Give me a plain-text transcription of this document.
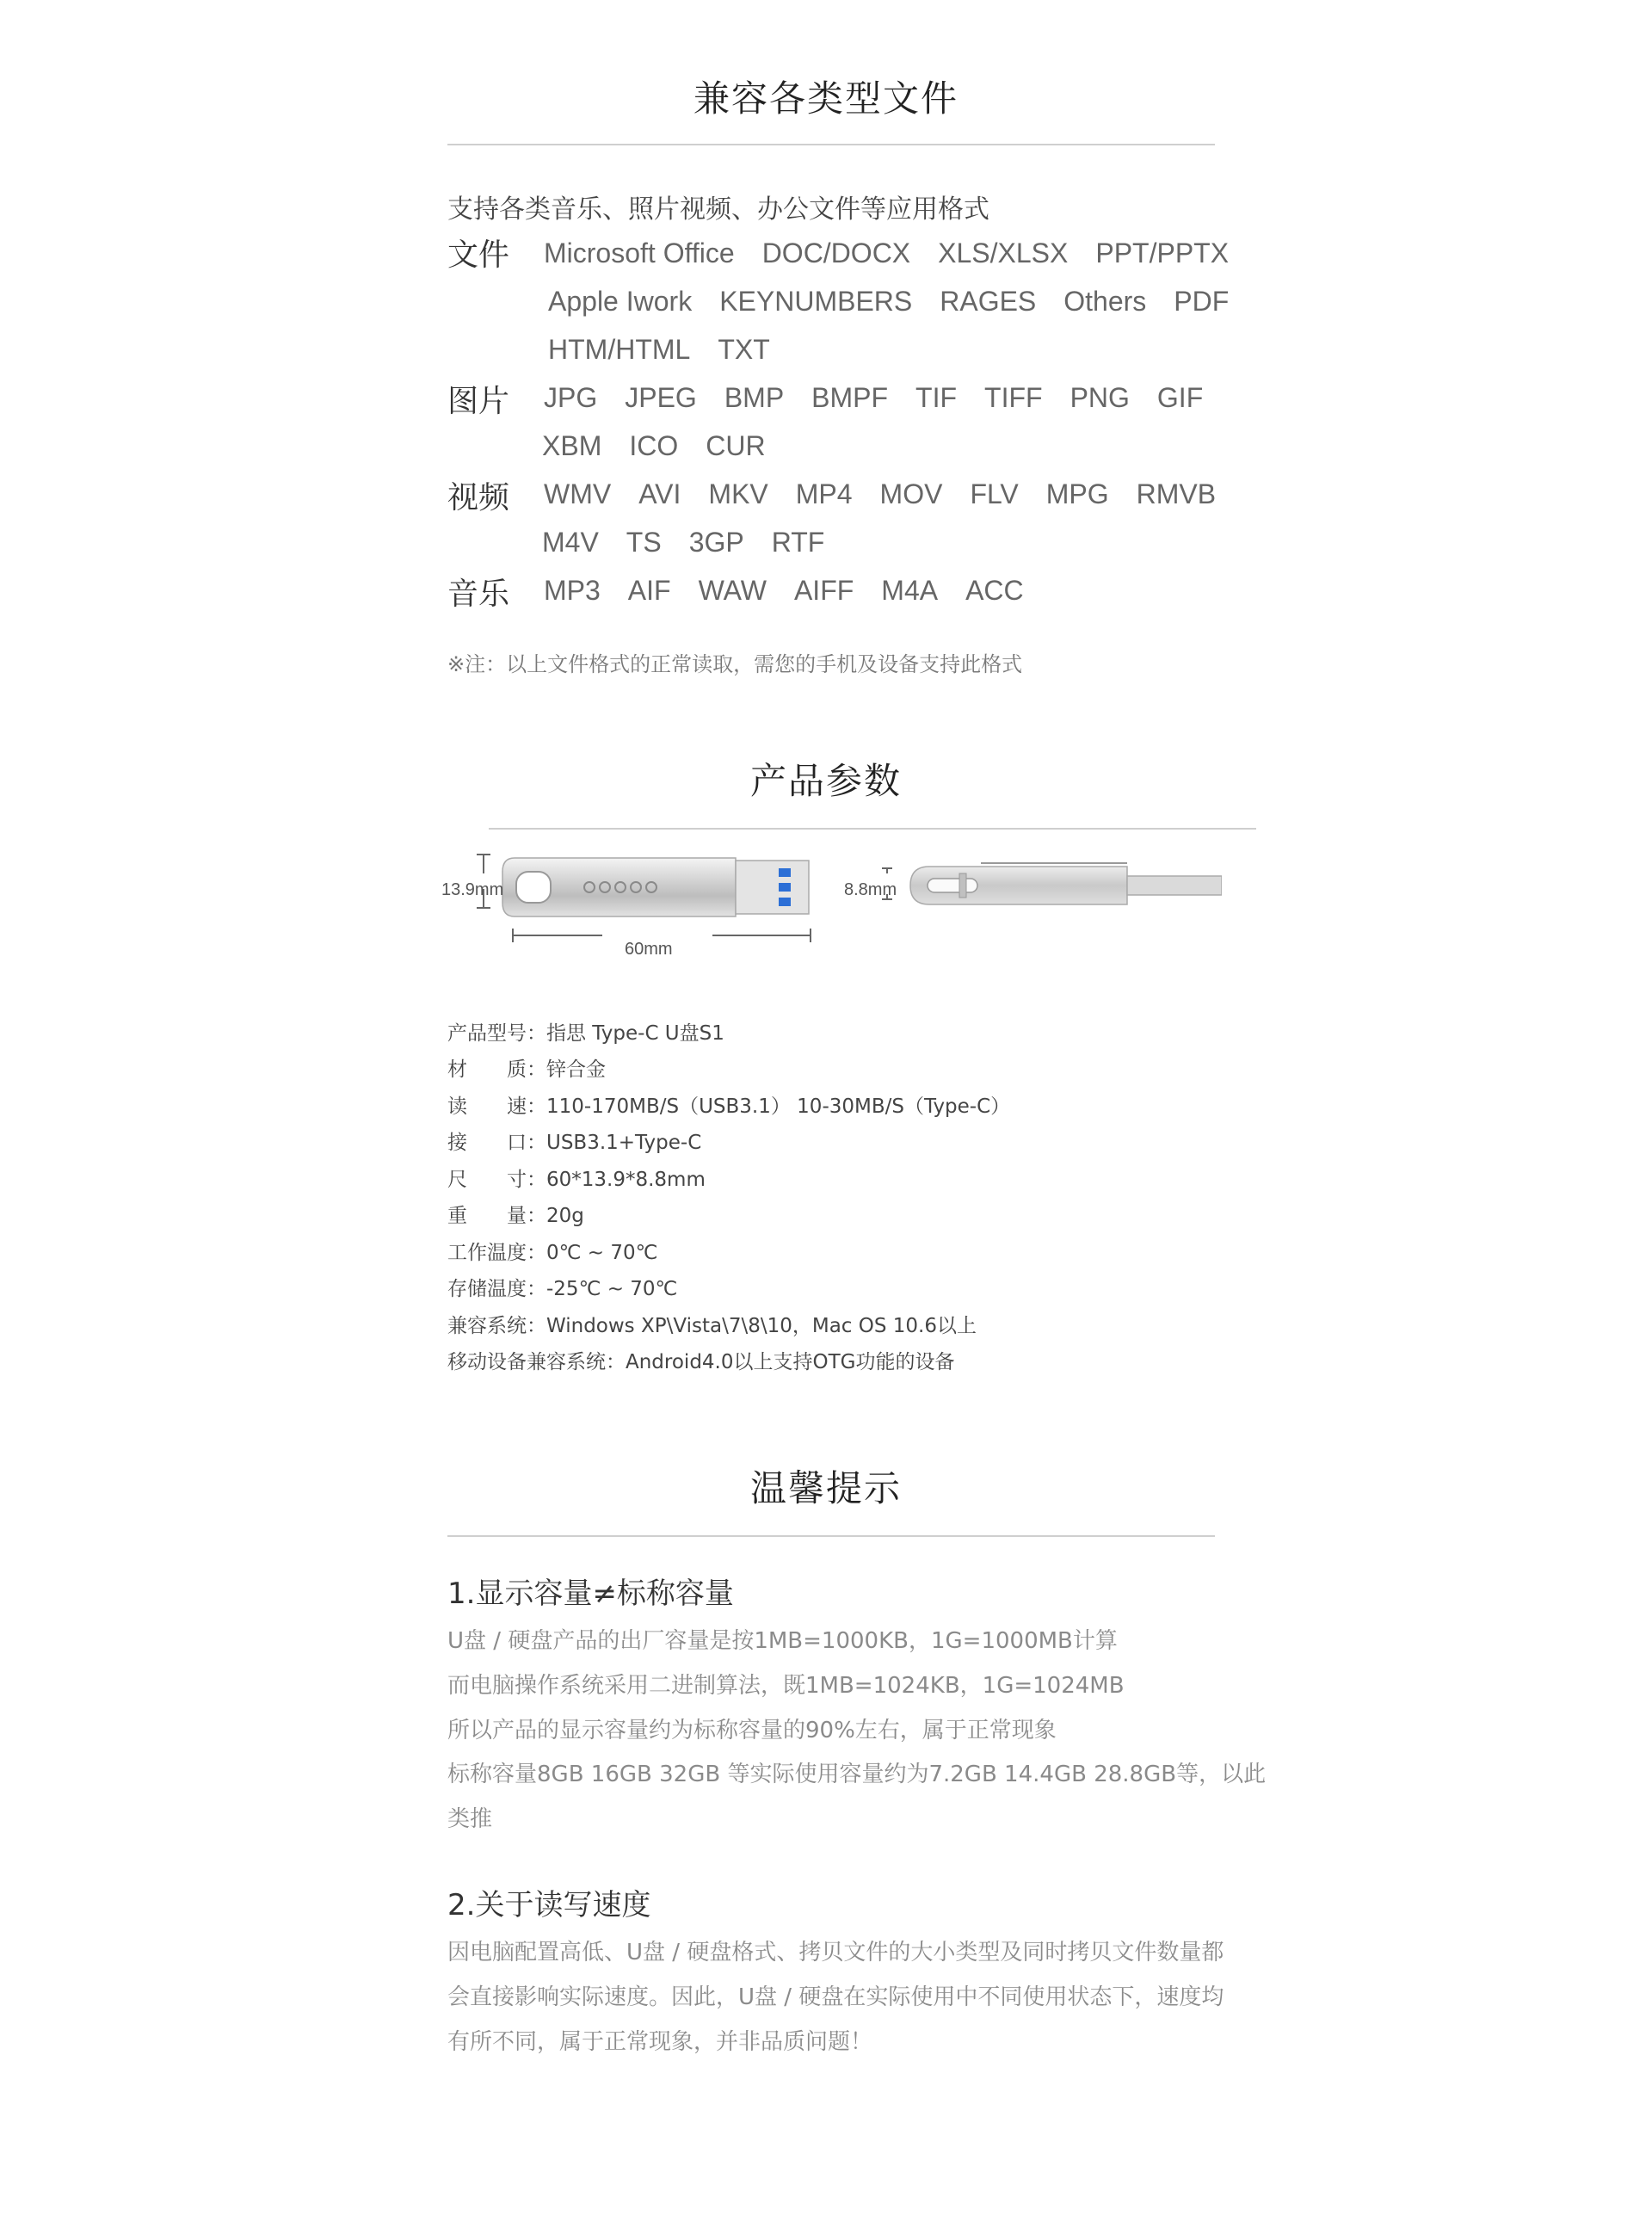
兼容各类型文件
支持各类音乐、照片视频、办公文件等应用格式
文件 Microsoft Office DOC/DOCX XLS/XLSX PPT/PPTX
Apple Iwork KEYNUMBERS RAGES Others PDF
HTM/HTML TXT
图片 JPG JPEG BMP BMPF TIF TIFF PNG GIF
XBM ICO CUR
视频 WMV AVI MKV MP4 MOV FLV MPG RMVB
M4V TS 3GP RTF
音乐 MP3 AIF WAW AIFF M4A ACC
※注：以上文件格式的正常读取，需您的手机及设备支持此格式
产品参数
13.9mm	8.8mm
60mm
产品型号：指思 Type-C U盘S1
材　　质：锌合金
读　　速：110-170MB/S（USB3.1） 10-30MB/S（Type-C）
接　　口：USB3.1+Type-C
尺　　寸：60*13.9*8.8mm
重　　量：20g
工作温度：0℃ ~ 70℃
存储温度：-25℃ ~ 70℃
兼容系统：Windows XP\Vista\7\8\10，Mac OS 10.6以上
移动设备兼容系统：Android4.0以上支持OTG功能的设备
温馨提示
1.显示容量≠标称容量
U盘 / 硬盘产品的出厂容量是按1MB=1000KB，1G=1000MB计算
而电脑操作系统采用二进制算法，既1MB=1024KB，1G=1024MB
所以产品的显示容量约为标称容量的90%左右，属于正常现象
标称容量8GB 16GB 32GB 等实际使用容量约为7.2GB 14.4GB 28.8GB等，以此
类推
2.关于读写速度
因电脑配置高低、U盘 / 硬盘格式、拷贝文件的大小类型及同时拷贝文件数量都
会直接影响实际速度。因此，U盘 / 硬盘在实际使用中不同使用状态下，速度均
有所不同，属于正常现象，并非品质问题！
